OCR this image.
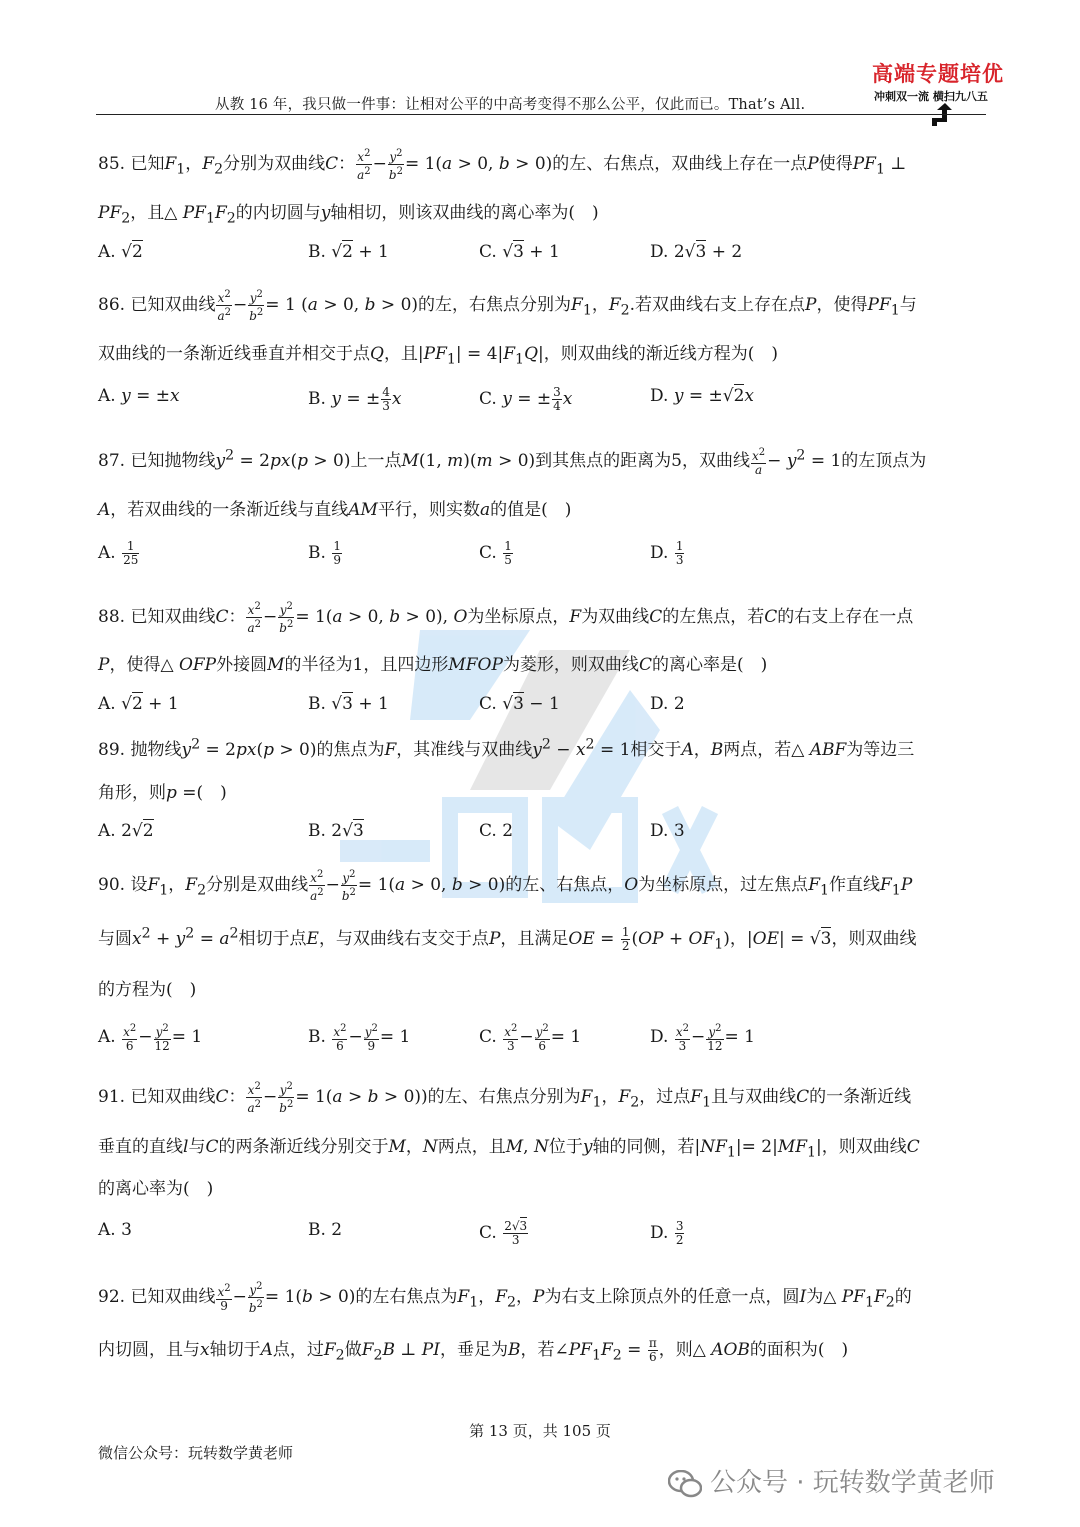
高端专题培优
冲刺双一流 横扫九八五
从教 16 年，我只做一件事：让相对公平的中高考变得不那么公平，仅此而已。That’s All.
85. 已知$F_1$，$F_2$分别为双曲线C： $\frac{x^2}{a^2} - \frac{y^2}{b^2} = 1(a > 0$, b > 0)的左、右焦点，双曲线上存在一点P使得$PF_1$ ⊥
$PF_2$，且△ $PF_1F_2$的内切圆与y轴相切，则该双曲线的离心率为(　)
A. √2	B. √2 + 1	C. √3 + 1	D. 2√3 + 2
86. 已知双曲线 $\frac{x^2}{a^2} - \frac{y^2}{b^2} = 1$ (a > 0, b > 0)的左，右焦点分别为$F_1$，$F_2$.若双曲线右支上存在点P，使得$PF_1$与
双曲线的一条渐近线垂直并相交于点Q，且$|PF_1| = 4|F_1Q|$，则双曲线的渐近线方程为(　)
A. y = ±x	B. y = ± $\frac{4}{3}$ x	C. y = ± $\frac{3}{4}$ x	D. y = ±√2x
87. 已知抛物线$y^2 = 2px(p > 0)$上一点M(1, m)(m > 0)到其焦点的距离为5，双曲线 $\frac{x^2}{a} - y^2 = 1$的左顶点为
A，若双曲线的一条渐近线与直线AM平行，则实数a的值是(　)
A. $\frac{1}{25}$	B. $\frac{1}{9}$	C. $\frac{1}{5}$	D. $\frac{1}{3}$
88. 已知双曲线C： $\frac{x^2}{a^2} - \frac{y^2}{b^2} = 1(a > 0$, b > 0), O为坐标原点，F为双曲线C的左焦点，若C的右支上存在一点
P，使得△ OFP外接圆M的半径为1，且四边形MFOP为菱形，则双曲线C的离心率是(　)
A. √2 + 1	B. √3 + 1	C. √3 − 1	D. 2
89. 抛物线$y^2 = 2px(p > 0)$的焦点为F，其准线与双曲线$y^2 - x^2 = 1$相交于A，B两点，若△ ABF为等边三
角形，则p =(　)
A. 2√2	B. 2√3	C. 2	D. 3
90. 设$F_1$，$F_2$分别是双曲线 $\frac{x^2}{a^2} - \frac{y^2}{b^2} = 1(a > 0$, b > 0)的左、右焦点，O为坐标原点，过左焦点$F_1$作直线$F_1P$
与圆$x^2 + y^2 = a^2$相切于点E，与双曲线右支交于点P，且满足OE = $\frac{1}{2} (OP + OF_1)$，|OE| = √3，则双曲线
的方程为(　)
A. $\frac{x^2}{6} - \frac{y^2}{12} = 1$	B. $\frac{x^2}{6} - \frac{y^2}{9} = 1$	C. $\frac{x^2}{3} - \frac{y^2}{6} = 1$	D. $\frac{x^2}{3} - \frac{y^2}{12} = 1$
91. 已知双曲线C： $\frac{x^2}{a^2} - \frac{y^2}{b^2} = 1(a > b > 0)$)的左、右焦点分别为$F_1$，$F_2$，过点$F_1$且与双曲线C的一条渐近线
垂直的直线l与C的两条渐近线分别交于M，N两点，且M, N位于y轴的同侧，若$|NF_1|= 2|MF_1|$，则双曲线C
的离心率为(　)
A. 3	B. 2	C. $\frac{2√3}{3}$	D. $\frac{3}{2}$
92. 已知双曲线 $\frac{x^2}{9} - \frac{y^2}{b^2} = 1(b > 0)$的左右焦点为$F_1$，$F_2$，P为右支上除顶点外的任意一点，圆I为△ $PF_1F_2$的
内切圆，且与x轴切于A点，过$F_2$做$F_2B$ ⊥ PI，垂足为B，若$\angle PF_1F_2 = \frac{\pi}{6}$ ，则△ AOB的面积为(　)
第 13 页，共 105 页
微信公众号：玩转数学黄老师
公众号 · 玩转数学黄老师
